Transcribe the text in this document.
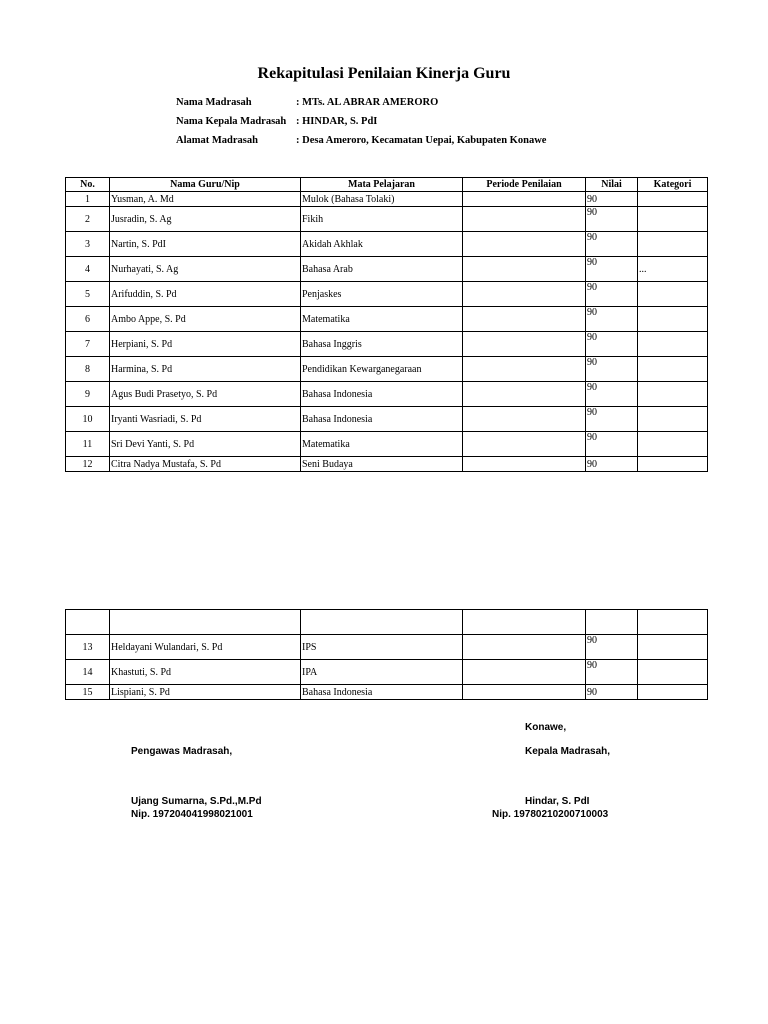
Rekapitulasi Penilaian Kinerja Guru
Nama Madrasah	: MTs. AL ABRAR AMERORO
Nama Kepala Madrasah : HINDAR, S. PdI
Alamat Madrasah	: Desa Ameroro, Kecamatan Uepai, Kabupaten Konawe
No.	Nama Guru/Nip	Mata Pelajaran	Periode Penilaian	Nilai	Kategori
1	Yusman, A. Md	Mulok (Bahasa Tolaki)		90	
2	Jusradin, S. Ag	Fikih		90	
3	Nartin, S. PdI	Akidah Akhlak		90	
4	Nurhayati, S. Ag	Bahasa Arab		90	...
5	Arifuddin, S. Pd	Penjaskes		90	
6	Ambo Appe, S. Pd	Matematika		90	
7	Herpiani, S. Pd	Bahasa Inggris		90	
8	Harmina, S. Pd	Pendidikan Kewarganegaraan		90	
9	Agus Budi Prasetyo, S. Pd	Bahasa Indonesia		90	
10	Iryanti Wasriadi, S. Pd	Bahasa Indonesia		90	
11	Sri Devi Yanti, S. Pd	Matematika		90	
12	Citra Nadya Mustafa, S. Pd	Seni Budaya		90	

13	Heldayani Wulandari, S. Pd	IPS		90	
14	Khastuti, S. Pd	IPA		90	
15	Lispiani, S. Pd	Bahasa Indonesia		90	
Konawe,
Pengawas Madrasah,	Kepala Madrasah,
Ujang Sumarna, S.Pd.,M.Pd
Nip. 197204041998021001
Hindar, S. PdI
Nip. 19780210200710003
